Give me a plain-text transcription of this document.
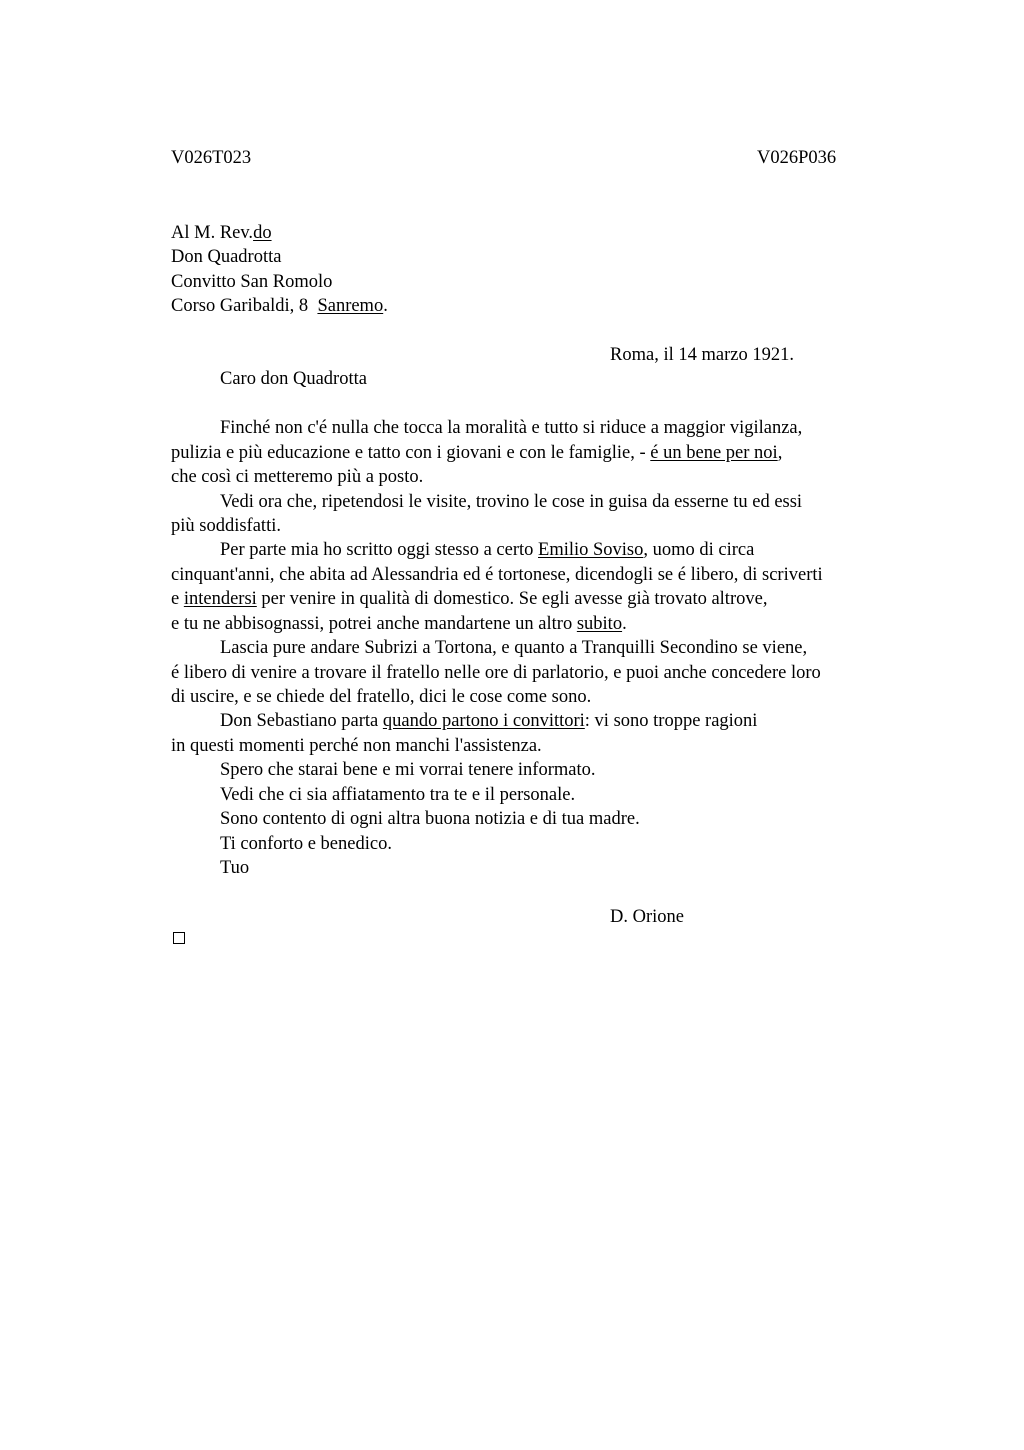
V026T023	V026P036
Al M. Rev.do
Don Quadrotta
Convitto San Romolo
Corso Garibaldi, 8  Sanremo.
Roma, il 14 marzo 1921.
Caro don Quadrotta
Finché non c'é nulla che tocca la moralità e tutto si riduce a maggior vigilanza,
pulizia e più educazione e tatto con i giovani e con le famiglie, - é un bene per noi,
che così ci metteremo più a posto.
Vedi ora che, ripetendosi le visite, trovino le cose in guisa da esserne tu ed essi
più soddisfatti.
Per parte mia ho scritto oggi stesso a certo Emilio Soviso, uomo di circa
cinquant'anni, che abita ad Alessandria ed é tortonese, dicendogli se é libero, di scriverti
e intendersi per venire in qualità di domestico. Se egli avesse già trovato altrove,
e tu ne abbisognassi, potrei anche mandartene un altro subito.
Lascia pure andare Subrizi a Tortona, e quanto a Tranquilli Secondino se viene,
é libero di venire a trovare il fratello nelle ore di parlatorio, e puoi anche concedere loro
di uscire, e se chiede del fratello, dici le cose come sono.
Don Sebastiano parta quando partono i convittori: vi sono troppe ragioni
in questi momenti perché non manchi l'assistenza.
Spero che starai bene e mi vorrai tenere informato.
Vedi che ci sia affiatamento tra te e il personale.
Sono contento di ogni altra buona notizia e di tua madre.
Ti conforto e benedico.
Tuo
D. Orione
